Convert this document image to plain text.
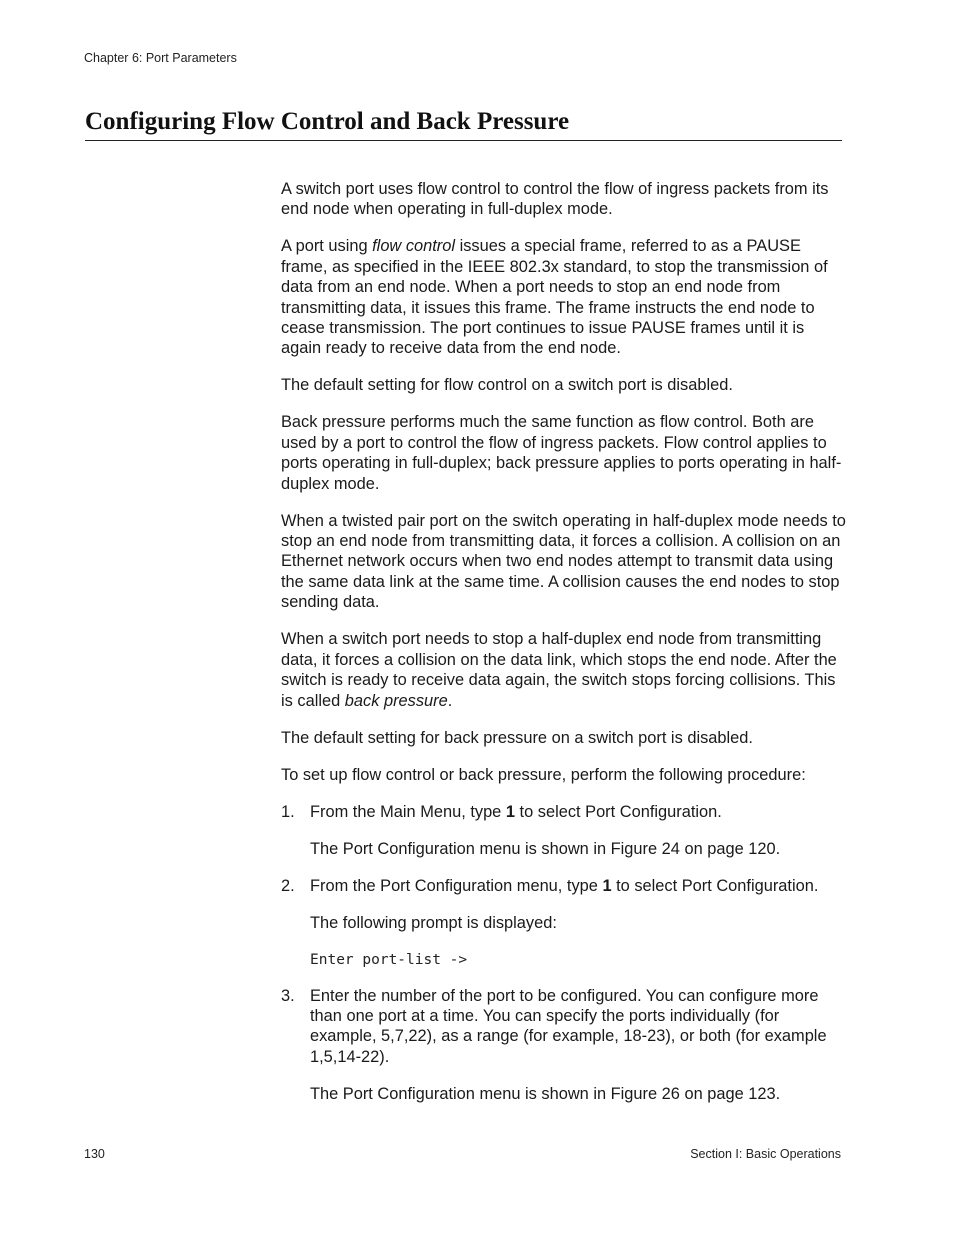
Chapter 6: Port Parameters
Configuring Flow Control and Back Pressure

A switch port uses flow control to control the flow of ingress packets from its end node when operating in full-duplex mode.

A port using flow control issues a special frame, referred to as a PAUSE frame, as specified in the IEEE 802.3x standard, to stop the transmission of data from an end node. When a port needs to stop an end node from transmitting data, it issues this frame. The frame instructs the end node to cease transmission. The port continues to issue PAUSE frames until it is again ready to receive data from the end node.

The default setting for flow control on a switch port is disabled.

Back pressure performs much the same function as flow control. Both are used by a port to control the flow of ingress packets. Flow control applies to ports operating in full-duplex; back pressure applies to ports operating in half-duplex mode.

When a twisted pair port on the switch operating in half-duplex mode needs to stop an end node from transmitting data, it forces a collision. A collision on an Ethernet network occurs when two end nodes attempt to transmit data using the same data link at the same time. A collision causes the end nodes to stop sending data.

When a switch port needs to stop a half-duplex end node from transmitting data, it forces a collision on the data link, which stops the end node. After the switch is ready to receive data again, the switch stops forcing collisions. This is called back pressure.

The default setting for back pressure on a switch port is disabled.

To set up flow control or back pressure, perform the following procedure:

1. From the Main Menu, type 1 to select Port Configuration.
The Port Configuration menu is shown in Figure 24 on page 120.
2. From the Port Configuration menu, type 1 to select Port Configuration.
The following prompt is displayed:
Enter port-list ->
3. Enter the number of the port to be configured. You can configure more than one port at a time. You can specify the ports individually (for example, 5,7,22), as a range (for example, 18-23), or both (for example 1,5,14-22).
The Port Configuration menu is shown in Figure 26 on page 123.
130	Section I: Basic Operations
